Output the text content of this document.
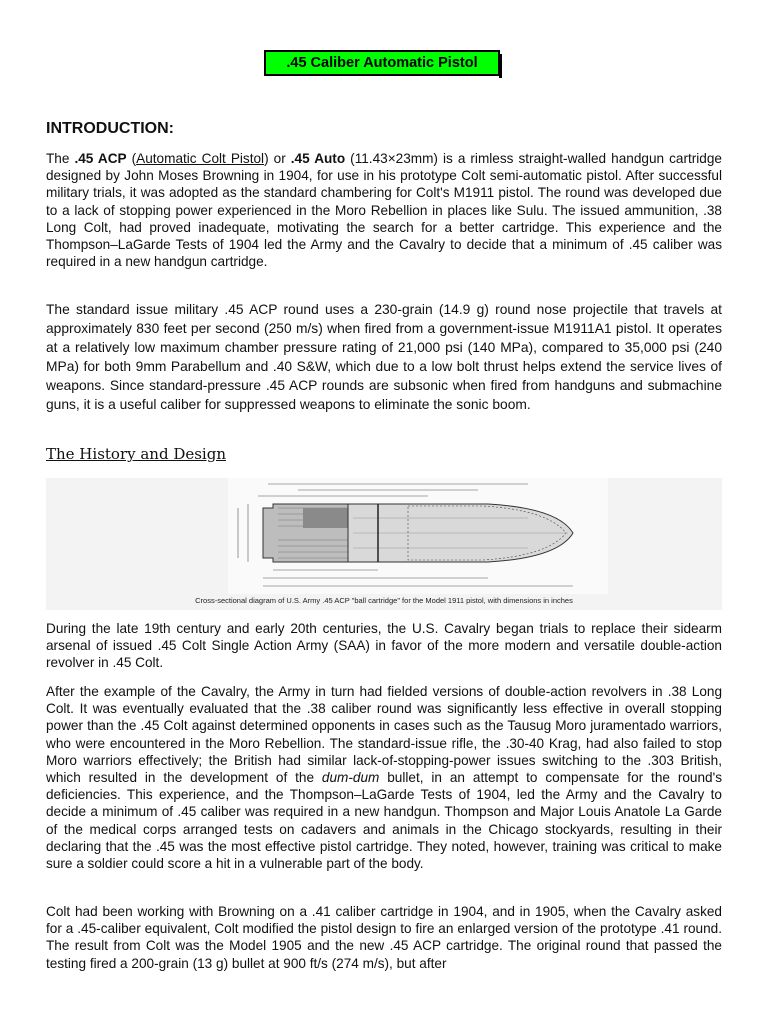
.45 Caliber Automatic Pistol
INTRODUCTION:

The .45 ACP (Automatic Colt Pistol) or .45 Auto (11.43×23mm) is a rimless straight-walled handgun cartridge designed by John Moses Browning in 1904, for use in his prototype Colt semi-automatic pistol. After successful military trials, it was adopted as the standard chambering for Colt's M1911 pistol. The round was developed due to a lack of stopping power experienced in the Moro Rebellion in places like Sulu. The issued ammunition, .38 Long Colt, had proved inadequate, motivating the search for a better cartridge. This experience and the Thompson–LaGarde Tests of 1904 led the Army and the Cavalry to decide that a minimum of .45 caliber was required in a new handgun cartridge.

The standard issue military .45 ACP round uses a 230-grain (14.9 g) round nose projectile that travels at approximately 830 feet per second (250 m/s) when fired from a government-issue M1911A1 pistol. It operates at a relatively low maximum chamber pressure rating of 21,000 psi (140 MPa), compared to 35,000 psi (240 MPa) for both 9mm Parabellum and .40 S&W, which due to a low bolt thrust helps extend the service lives of weapons. Since standard-pressure .45 ACP rounds are subsonic when fired from handguns and submachine guns, it is a useful caliber for suppressed weapons to eliminate the sonic boom.

The History and Design
Cross-sectional diagram of U.S. Army .45 ACP "ball cartridge" for the Model 1911 pistol, with dimensions in inches

During the late 19th century and early 20th centuries, the U.S. Cavalry began trials to replace their sidearm arsenal of issued .45 Colt Single Action Army (SAA) in favor of the more modern and versatile double-action revolver in .45 Colt.

After the example of the Cavalry, the Army in turn had fielded versions of double-action revolvers in .38 Long Colt. It was eventually evaluated that the .38 caliber round was significantly less effective in overall stopping power than the .45 Colt against determined opponents in cases such as the Tausug Moro juramentado warriors, who were encountered in the Moro Rebellion. The standard-issue rifle, the .30-40 Krag, had also failed to stop Moro warriors effectively; the British had similar lack-of-stopping-power issues switching to the .303 British, which resulted in the development of the dum-dum bullet, in an attempt to compensate for the round's deficiencies. This experience, and the Thompson–LaGarde Tests of 1904, led the Army and the Cavalry to decide a minimum of .45 caliber was required in a new handgun. Thompson and Major Louis Anatole La Garde of the medical corps arranged tests on cadavers and animals in the Chicago stockyards, resulting in their declaring that the .45 was the most effective pistol cartridge. They noted, however, training was critical to make sure a soldier could score a hit in a vulnerable part of the body.

Colt had been working with Browning on a .41 caliber cartridge in 1904, and in 1905, when the Cavalry asked for a .45-caliber equivalent, Colt modified the pistol design to fire an enlarged version of the prototype .41 round. The result from Colt was the Model 1905 and the new .45 ACP cartridge. The original round that passed the testing fired a 200-grain (13 g) bullet at 900 ft/s (274 m/s), but after
